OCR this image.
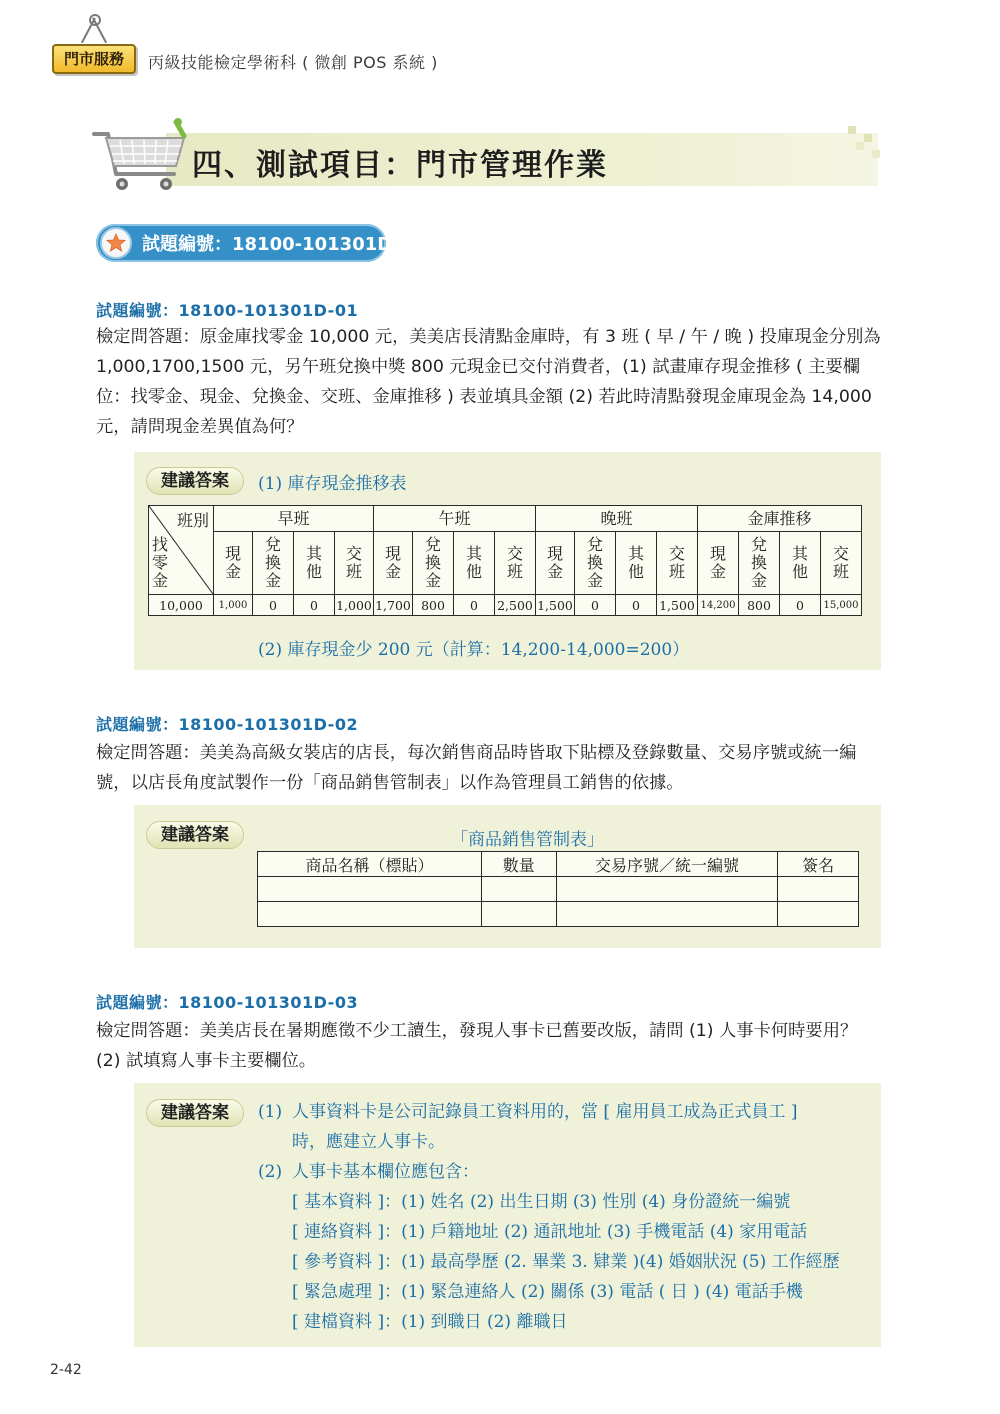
門市服務	丙級技能檢定學術科 ( 微創 POS 系統 )
四、測試項目：門市管理作業
試題編號：18100-101301D
試題編號：18100-101301D-01
檢定問答題：原金庫找零金 10,000 元，美美店長清點金庫時，有 3 班 ( 早 / 午 / 晚 ) 投庫現金分別為 1,000,1700,1500 元，另午班兌換中獎 800 元現金已交付消費者，(1) 試畫庫存現金推移 ( 主要欄位：找零金、現金、兌換金、交班、金庫推移 ) 表並填具金額 (2) 若此時清點發現金庫現金為 14,000 元，請問現金差異值為何？
建議答案	(1) 庫存現金推移表
班別
找零金	早班				午班				晚班				金庫推移			

	現金	兌換金	其他	交班	現金	兌換金	其他	交班	現金	兌換金	其他	交班	現金	兌換金	其他	交班

10,000	1,000	0	0	1,000	1,700	800	0	2,500	1,500	0	0	1,500	14,200	800	0	15,000
(2) 庫存現金少 200 元（計算：14,200-14,000=200）
試題編號：18100-101301D-02
檢定問答題：美美為高級女裝店的店長，每次銷售商品時皆取下貼標及登錄數量、交易序號或統一編號，以店長角度試製作一份「商品銷售管制表」以作為管理員工銷售的依據。
建議答案	「商品銷售管制表」
商品名稱（標貼）	數量	交易序號／統一編號	簽名

試題編號：18100-101301D-03
檢定問答題：美美店長在暑期應徵不少工讀生，發現人事卡已舊要改版，請問 (1) 人事卡何時要用？ (2) 試填寫人事卡主要欄位。
建議答案	(1) 人事資料卡是公司記錄員工資料用的，當 [ 雇用員工成為正式員工 ]
時，應建立人事卡。
(2) 人事卡基本欄位應包含：
[ 基本資料 ]：(1) 姓名 (2) 出生日期 (3) 性別 (4) 身份證統一編號
[ 連絡資料 ]：(1) 戶籍地址 (2) 通訊地址 (3) 手機電話 (4) 家用電話
[ 參考資料 ]：(1) 最高學歷 (2. 畢業 3. 肄業 )(4) 婚姻狀況 (5) 工作經歷
[ 緊急處理 ]：(1) 緊急連絡人 (2) 關係 (3) 電話 ( 日 ) (4) 電話手機
[ 建檔資料 ]：(1) 到職日 (2) 離職日
2-42
